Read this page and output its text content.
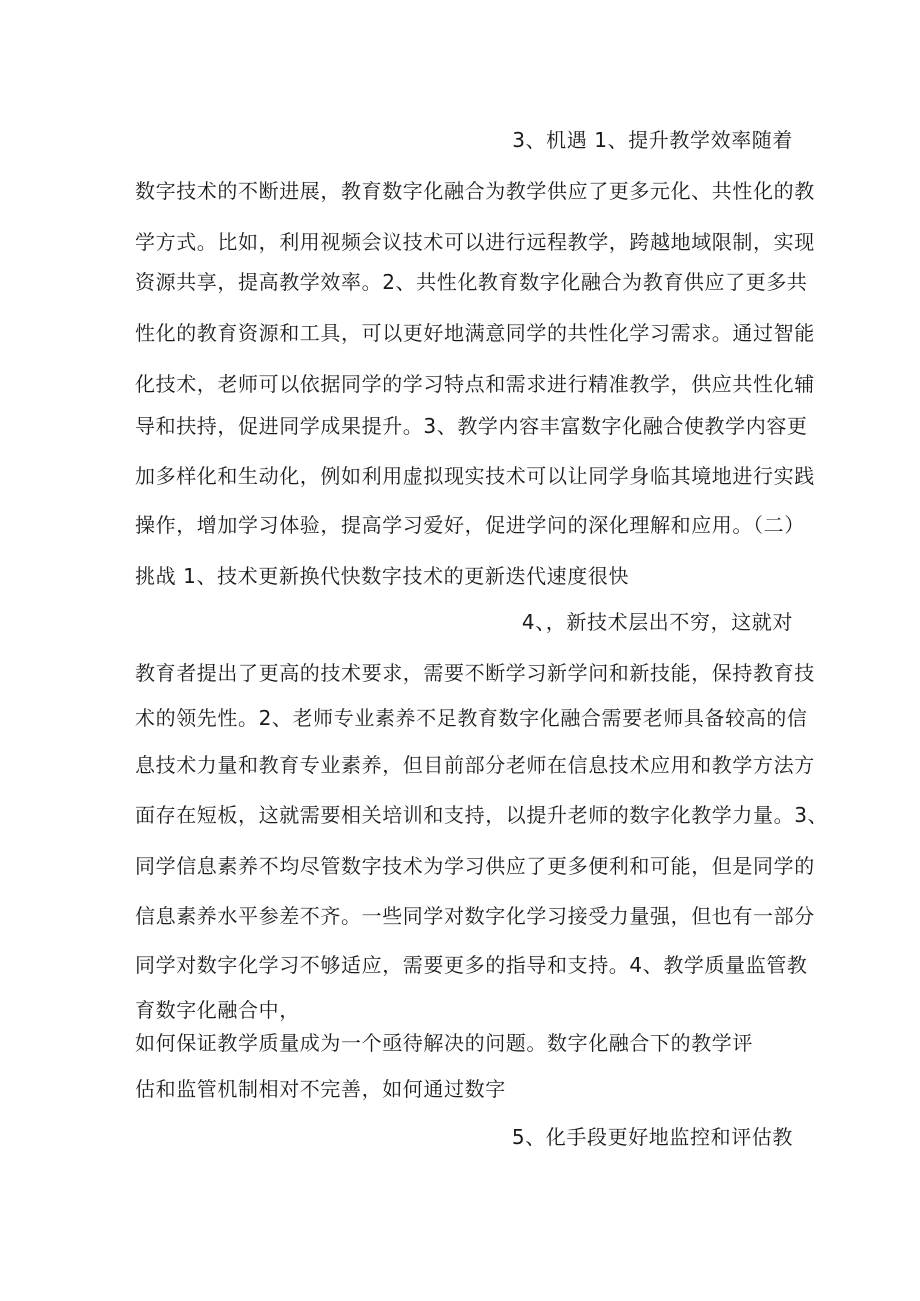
3、机遇 1、提升教学效率随着
数字技术的不断进展，教育数字化融合为教学供应了更多元化、共性化的教
学方式。比如，利用视频会议技术可以进行远程教学，跨越地域限制，实现
资源共享，提高教学效率。2、共性化教育数字化融合为教育供应了更多共
性化的教育资源和工具，可以更好地满意同学的共性化学习需求。通过智能
化技术，老师可以依据同学的学习特点和需求进行精准教学，供应共性化辅
导和扶持，促进同学成果提升。3、教学内容丰富数字化融合使教学内容更
加多样化和生动化，例如利用虚拟现实技术可以让同学身临其境地进行实践
操作，增加学习体验，提高学习爱好，促进学问的深化理解和应用。（二）
挑战 1、技术更新换代快数字技术的更新迭代速度很快
4、，新技术层出不穷，这就对
教育者提出了更高的技术要求，需要不断学习新学问和新技能，保持教育技
术的领先性。2、老师专业素养不足教育数字化融合需要老师具备较高的信
息技术力量和教育专业素养，但目前部分老师在信息技术应用和教学方法方
面存在短板，这就需要相关培训和支持，以提升老师的数字化教学力量。3、
同学信息素养不均尽管数字技术为学习供应了更多便利和可能，但是同学的
信息素养水平参差不齐。一些同学对数字化学习接受力量强，但也有一部分
同学对数字化学习不够适应，需要更多的指导和支持。4、教学质量监管教
育数字化融合中，
如何保证教学质量成为一个亟待解决的问题。数字化融合下的教学评
估和监管机制相对不完善，如何通过数字
5、化手段更好地监控和评估教
